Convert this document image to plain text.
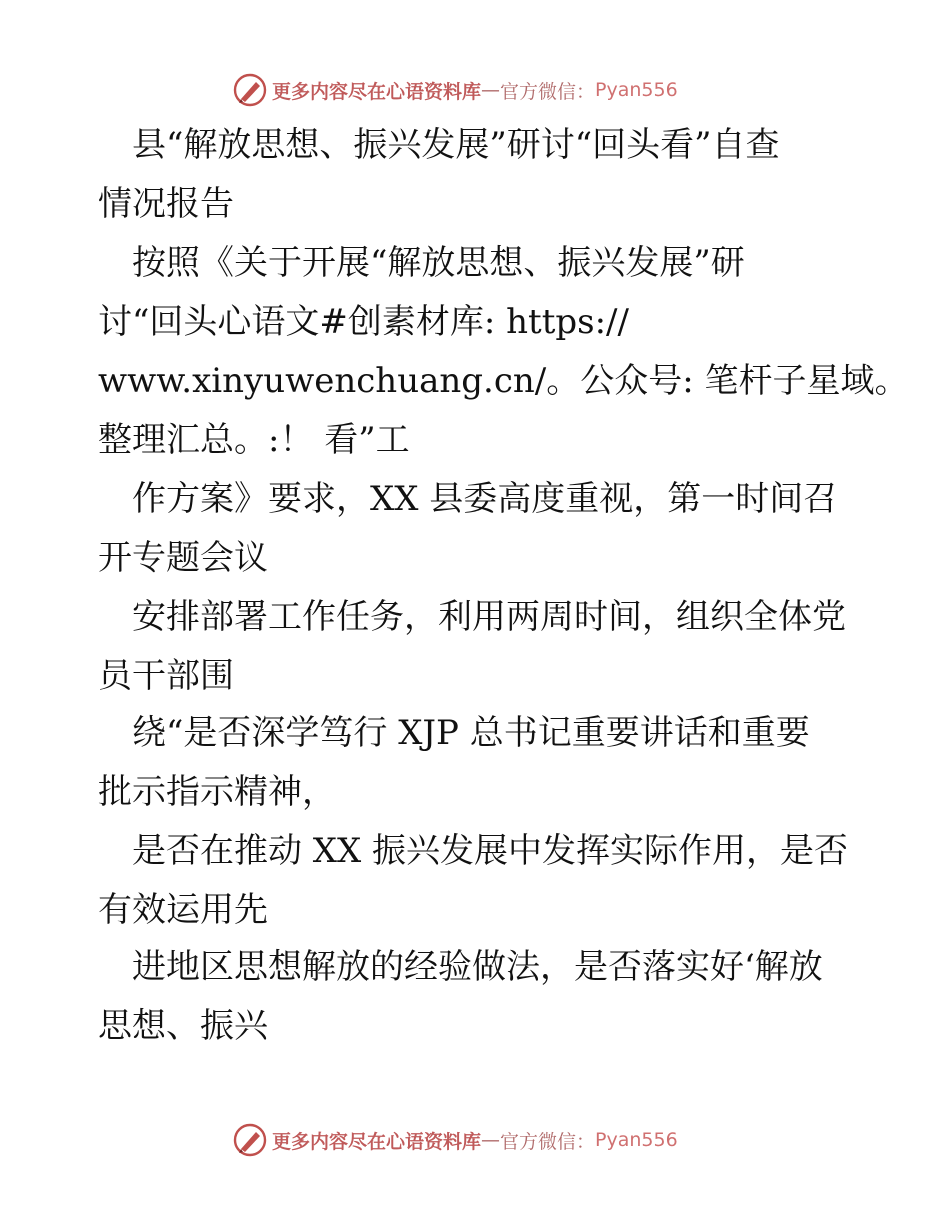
更多内容尽在心语资料库 — 官方微信： Pyan556
　县“解放思想、振兴发展”研讨“回头看”自查
情况报告
　按照《关于开展“解放思想、振兴发展”研
讨“回头心语文#创素材库: https://
www.xinyuwenchuang.cn/。公众号: 笔杆子星域。
整理汇总。:！ 看”工
　作方案》要求，XX 县委高度重视，第一时间召
开专题会议
　安排部署工作任务，利用两周时间，组织全体党
员干部围
　绕“是否深学笃行 XJP 总书记重要讲话和重要
批示指示精神，
　是否在推动 XX 振兴发展中发挥实际作用，是否
有效运用先
　进地区思想解放的经验做法，是否落实好‘解放
思想、振兴
更多内容尽在心语资料库 — 官方微信： Pyan556
